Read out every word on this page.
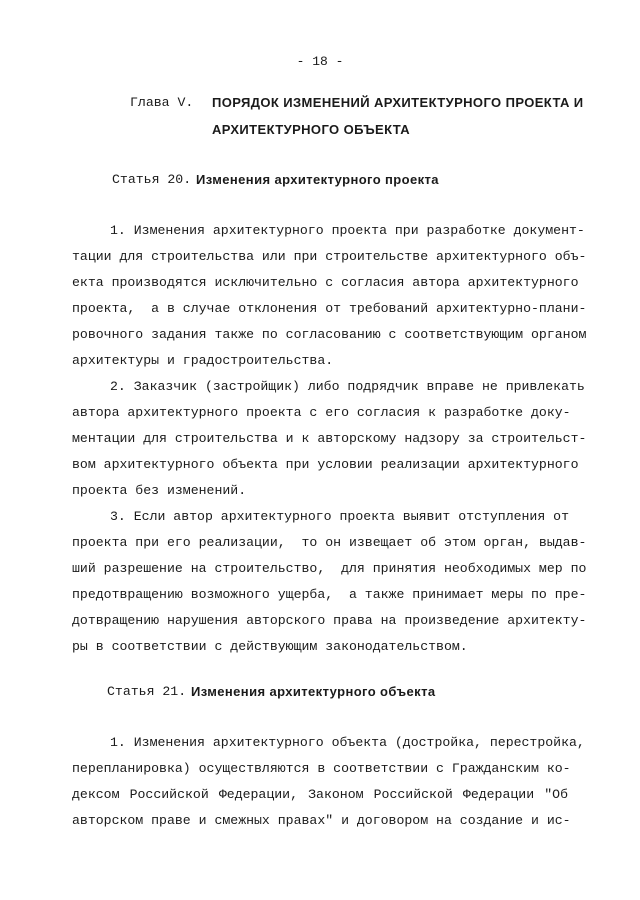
- 18 -
Глава V. ПОРЯДОК ИЗМЕНЕНИЙ АРХИТЕКТУРНОГО ПРОЕКТА И
АРХИТЕКТУРНОГО ОБЪЕКТА
Статья 20. Изменения архитектурного проекта
1. Изменения архитектурного проекта при разработке документ-
тации для строительства или при строительстве архитектурного объ-
екта производятся исключительно с согласия автора архитектурного
проекта,  а в случае отклонения от требований архитектурно-плани-
ровочного задания также по согласованию с соответствующим органом
архитектуры и градостроительства.
2. Заказчик (застройщик) либо подрядчик вправе не привлекать
автора архитектурного проекта с его согласия к разработке доку-
ментации для строительства и к авторскому надзору за строительст-
вом архитектурного объекта при условии реализации архитектурного
проекта без изменений.
3. Если автор архитектурного проекта выявит отступления от
проекта при его реализации,  то он извещает об этом орган, выдав-
ший разрешение на строительство,  для принятия необходимых мер по
предотвращению возможного ущерба,  а также принимает меры по пре-
дотвращению нарушения авторского права на произведение архитекту-
ры в соответствии с действующим законодательством.
Статья 21. Изменения архитектурного объекта
1. Изменения архитектурного объекта (достройка, перестройка,
перепланировка) осуществляются в соответствии с Гражданским ко-
дексом Российской Федерации, Законом Российской Федерации "Об
авторском праве и смежных правах" и договором на создание и ис-
